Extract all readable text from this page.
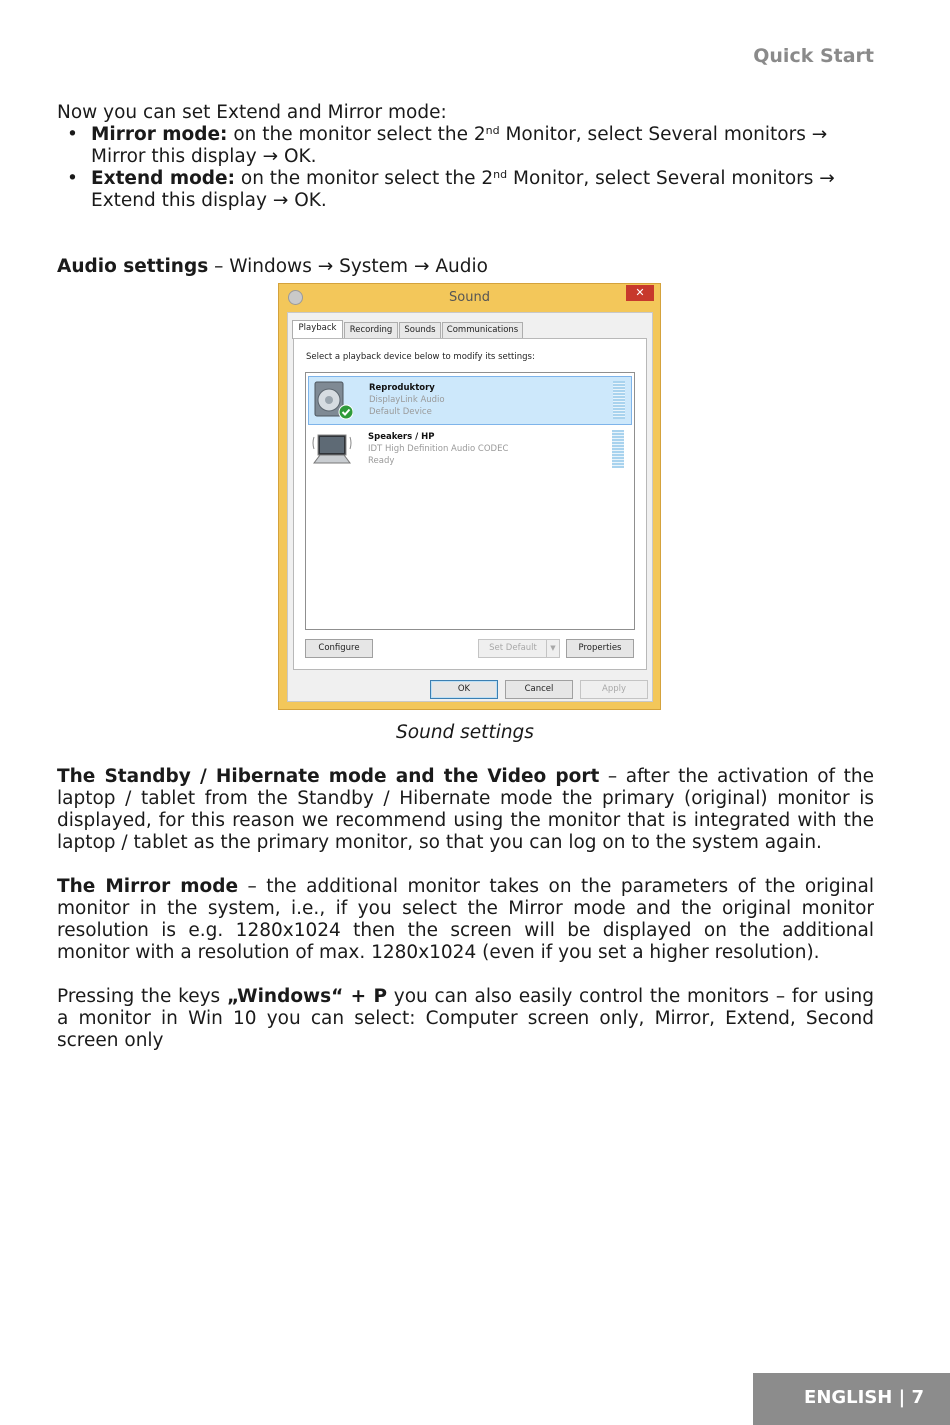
Quick Start

Now you can set Extend and Mirror mode:

• Mirror mode: on the monitor select the 2nd Monitor, select Several monitors → Mirror this display → OK.
• Extend mode: on the monitor select the 2nd Monitor, select Several monitors → Extend this display → OK.

Audio settings – Windows → System → Audio

Sound	✕
Playback	Recording	Sounds	Communications
Select a playback device below to modify its settings:
Reproduktory
DisplayLink Audio
Default Device
Speakers / HP
IDT High Definition Audio CODEC
Ready
Configure	Set Default	▼	Properties
OK	Cancel	Apply
Sound settings

The Standby / Hibernate mode and the Video port – after the activation of the laptop / tablet from the Standby / Hibernate mode the primary (original) monitor is displayed, for this reason we recommend using the monitor that is integrated with the laptop / tablet as the primary monitor, so that you can log on to the system again.

The Mirror mode – the additional monitor takes on the parameters of the original monitor in the system, i.e., if you select the Mirror mode and the original monitor resolution is e.g. 1280x1024 then the screen will be displayed on the additional monitor with a resolution of max. 1280x1024 (even if you set a higher resolution).

Pressing the keys „Windows“ + P you can also easily control the monitors – for using a monitor in Win 10 you can select: Computer screen only, Mirror, Extend, Second screen only

ENGLISH | 7
